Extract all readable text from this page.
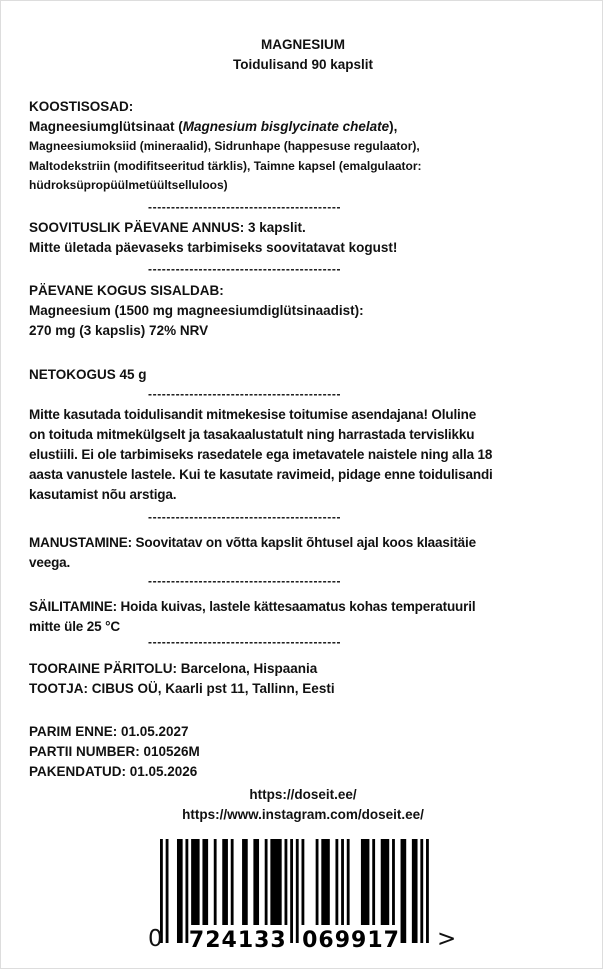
MAGNESIUM
Toidulisand 90 kapslit
KOOSTISOSAD:
Magneesiumglütsinaat (Magnesium bisglycinate chelate),
Magneesiumoksiid (mineraalid), Sidrunhape (happesuse regulaator),
Maltodekstriin (modifitseeritud tärklis), Taimne kapsel (emalgulaator:
hüdroksüpropüülmetüültselluloos)
------------------------------------------
SOOVITUSLIK PÄEVANE ANNUS: 3 kapslit.
Mitte ületada päevaseks tarbimiseks soovitatavat kogust!
------------------------------------------
PÄEVANE KOGUS SISALDAB:
Magneesium (1500 mg magneesiumdiglütsinaadist):
270 mg (3 kapslis) 72% NRV
NETOKOGUS 45 g
------------------------------------------
Mitte kasutada toidulisandit mitmekesise toitumise asendajana! Oluline
on toituda mitmekülgselt ja tasakaalustatult ning harrastada tervislikku
elustiili. Ei ole tarbimiseks rasedatele ega imetavatele naistele ning alla 18
aasta vanustele lastele. Kui te kasutate ravimeid, pidage enne toidulisandi
kasutamist nõu arstiga.
------------------------------------------
MANUSTAMINE: Soovitatav on võtta kapslit õhtusel ajal koos klaasitäie
veega.
------------------------------------------
SÄILITAMINE: Hoida kuivas, lastele kättesaamatus kohas temperatuuril
mitte üle 25 °C
------------------------------------------
TOORAINE PÄRITOLU: Barcelona, Hispaania
TOOTJA: CIBUS OÜ, Kaarli pst 11, Tallinn, Eesti
PARIM ENNE: 01.05.2027
PARTII NUMBER: 010526M
PAKENDATUD: 01.05.2026
https://doseit.ee/
https://www.instagram.com/doseit.ee/
724133 069917
0	>
